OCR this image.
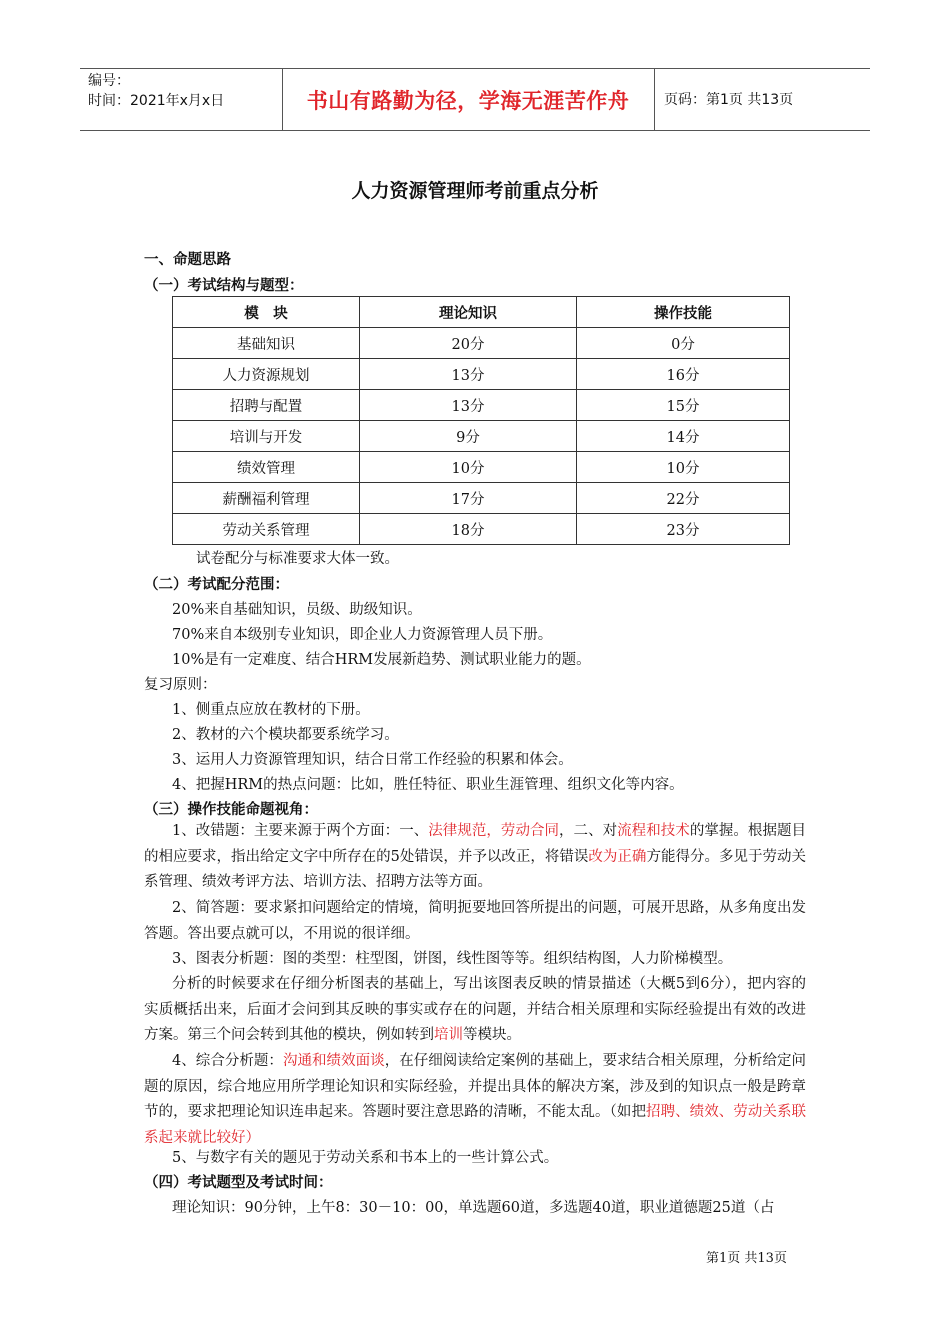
编号：
时间：2021年x月x日	书山有路勤为径，学海无涯苦作舟	页码：第1页 共13页
人力资源管理师考前重点分析
一、命题思路
（一）考试结构与题型：
模　块	理论知识	操作技能
基础知识	20分	0分
人力资源规划	13分	16分
招聘与配置	13分	15分
培训与开发	9分	14分
绩效管理	10分	10分
薪酬福利管理	17分	22分
劳动关系管理	18分	23分
试卷配分与标准要求大体一致。
（二）考试配分范围：
20%来自基础知识，员级、助级知识。
70%来自本级别专业知识，即企业人力资源管理人员下册。
10%是有一定难度、结合HRM发展新趋势、测试职业能力的题。
复习原则：
1、侧重点应放在教材的下册。
2、教材的六个模块都要系统学习。
3、运用人力资源管理知识，结合日常工作经验的积累和体会。
4、把握HRM的热点问题：比如，胜任特征、职业生涯管理、组织文化等内容。
（三）操作技能命题视角：
1、改错题：主要来源于两个方面：一、法律规范，劳动合同，二、对流程和技术的掌握。根据题目的相应要求，指出给定文字中所存在的5处错误，并予以改正，将错误改为正确方能得分。多见于劳动关系管理、绩效考评方法、培训方法、招聘方法等方面。
2、简答题：要求紧扣问题给定的情境，简明扼要地回答所提出的问题，可展开思路，从多角度出发答题。答出要点就可以，不用说的很详细。
3、图表分析题：图的类型：柱型图，饼图，线性图等等。组织结构图，人力阶梯模型。
分析的时候要求在仔细分析图表的基础上，写出该图表反映的情景描述（大概5到6分），把内容的实质概括出来，后面才会问到其反映的事实或存在的问题，并结合相关原理和实际经验提出有效的改进方案。第三个问会转到其他的模块，例如转到培训等模块。
4、综合分析题：沟通和绩效面谈，在仔细阅读给定案例的基础上，要求结合相关原理，分析给定问题的原因，综合地应用所学理论知识和实际经验，并提出具体的解决方案，涉及到的知识点一般是跨章节的，要求把理论知识连串起来。答题时要注意思路的清晰，不能太乱。（如把招聘、绩效、劳动关系联系起来就比较好）
5、与数字有关的题见于劳动关系和书本上的一些计算公式。
（四）考试题型及考试时间：
理论知识：90分钟，上午8：30－10：00，单选题60道，多选题40道，职业道德题25道（占
第1页 共13页
